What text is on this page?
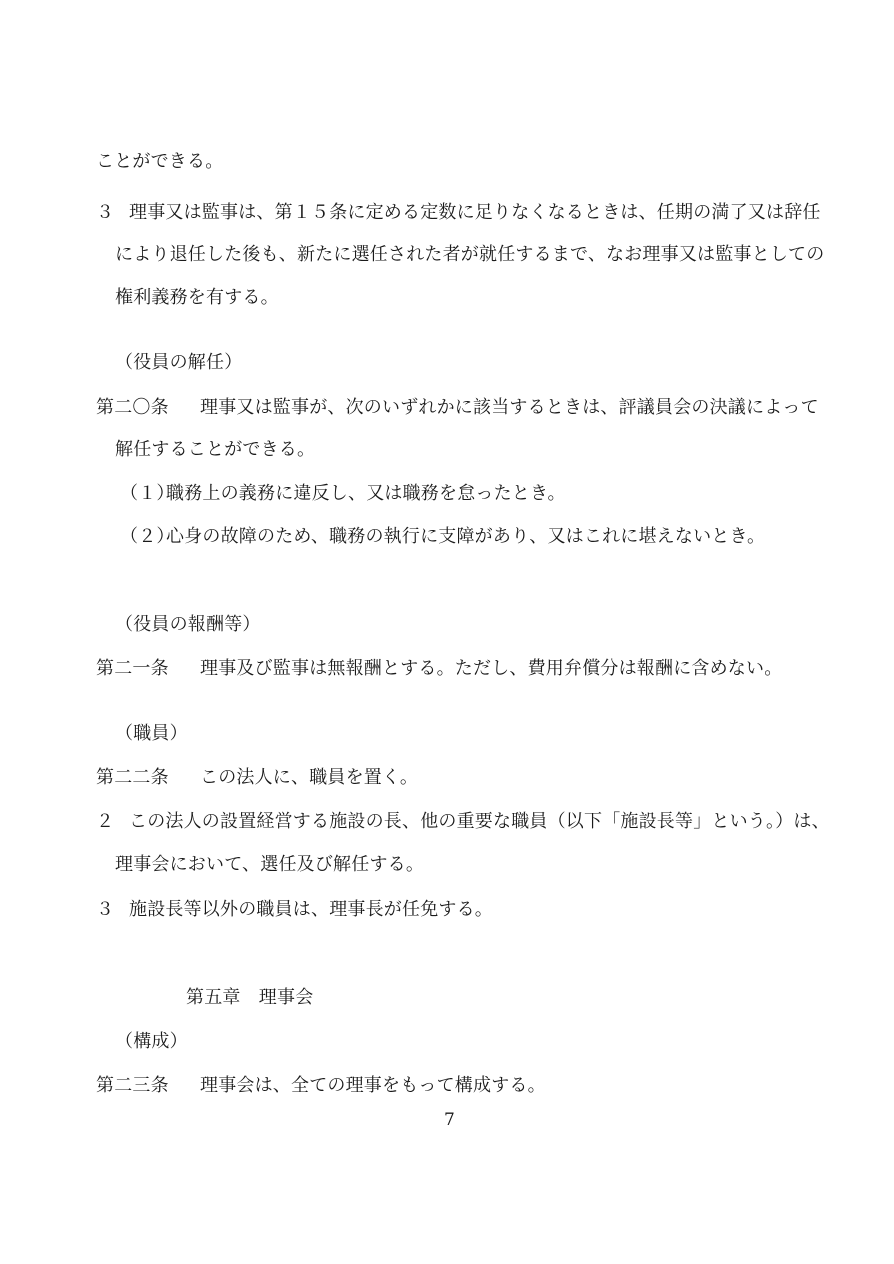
ことができる。
３ 理事又は監事は、第１５条に定める定数に足りなくなるときは、任期の満了又は辞任
により退任した後も、新たに選任された者が就任するまで、なお理事又は監事としての
権利義務を有する。
（役員の解任）
第二〇条 理事又は監事が、次のいずれかに該当するときは、評議員会の決議によって
解任することができる。
（１）職務上の義務に違反し、又は職務を怠ったとき。
（２）心身の故障のため、職務の執行に支障があり、又はこれに堪えないとき。
（役員の報酬等）
第二一条 理事及び監事は無報酬とする。ただし、費用弁償分は報酬に含めない。
（職員）
第二二条 この法人に、職員を置く。
２ この法人の設置経営する施設の長、他の重要な職員（以下「施設長等」という。）は、
理事会において、選任及び解任する。
３ 施設長等以外の職員は、理事長が任免する。
第五章　理事会
（構成）
第二三条 理事会は、全ての理事をもって構成する。
7
